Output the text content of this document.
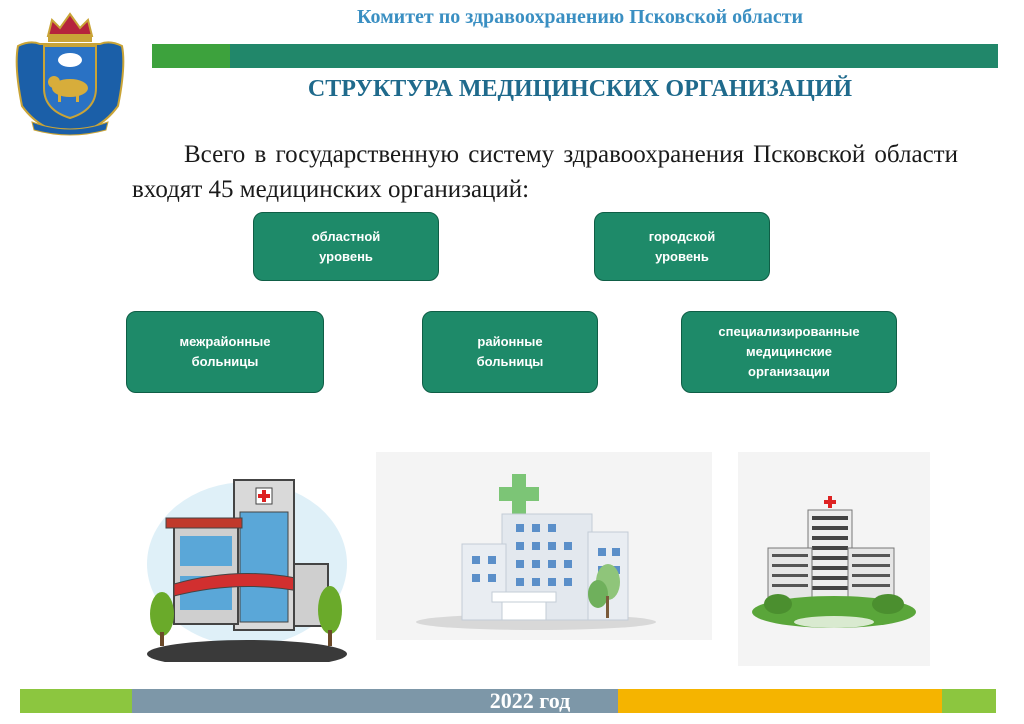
Комитет по здравоохранению Псковской области
СТРУКТУРА МЕДИЦИНСКИХ ОРГАНИЗАЦИЙ
Всего в государственную систему здравоохранения Псковской области входят 45 медицинских организаций:
областной
уровень
городской
уровень
межрайонные
больницы
районные
больницы
специализированные
медицинские
организации
2022 год
